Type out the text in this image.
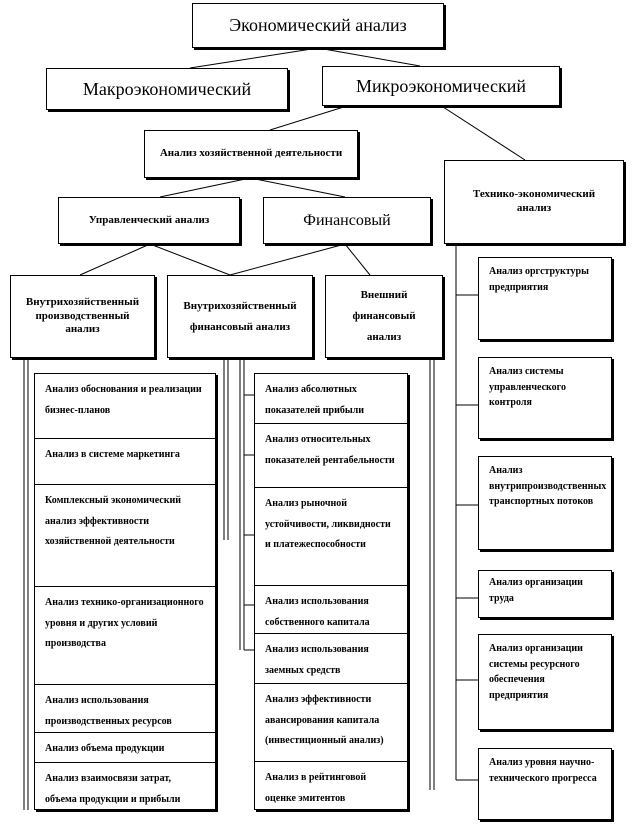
Экономический анализ
Макроэкономический	Микроэкономический
Анализ хозяйственной деятельности
Технико-экономический анализ
Управленческий анализ	Финансовый
Внутрихозяйственный производственный анализ
Внутрихозяйственный финансовый анализ
Внешний финансовый анализ
Анализ обоснования и реализации бизнес-планов
Анализ в системе маркетинга
Комплексный экономический анализ эффективности хозяйственной деятельности
Анализ технико-организационного уровня и других условий производства
Анализ использования производственных ресурсов
Анализ объема продукции
Анализ взаимосвязи затрат, объема продукции и прибыли
Анализ абсолютных показателей прибыли
Анализ относительных показателей рентабельности
Анализ рыночной устойчивости, ликвидности и платежеспособности
Анализ использования собственного капитала
Анализ использования заемных средств
Анализ эффективности авансирования капитала (инвестиционный анализ)
Анализ в рейтинговой оценке эмитентов
Анализ оргструктуры предприятия
Анализ системы управленческого контроля
Анализ внутрипроизводственных транспортных потоков
Анализ организации труда
Анализ организации системы ресурсного обеспечения предприятия
Анализ уровня научно-технического прогресса
